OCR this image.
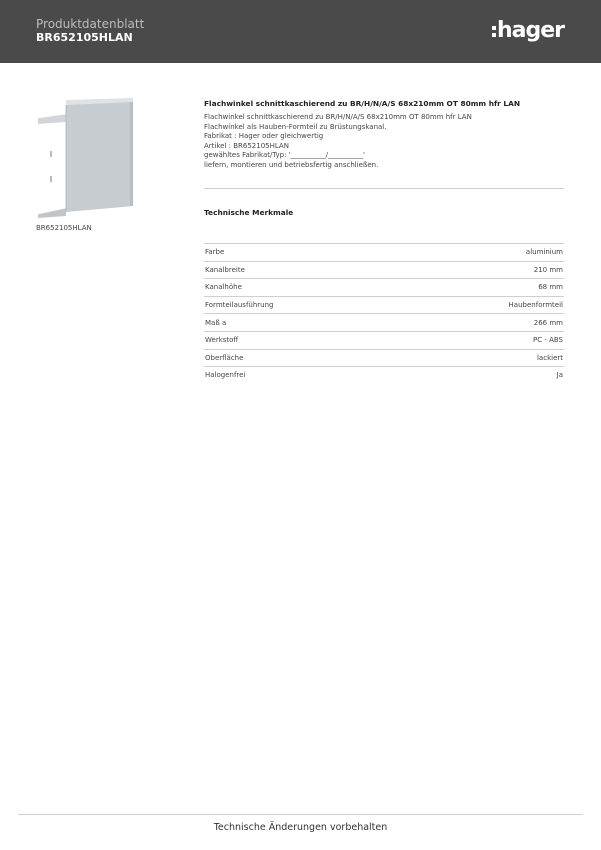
Produktdatenblatt
BR652105HLAN	hager
BR652105HLAN
Flachwinkel schnittkaschierend zu BR/H/N/A/S 68x210mm OT 80mm hfr LAN
Flachwinkel schnittkaschierend zu BR/H/N/A/S 68x210mm OT 80mm hfr LAN
Flachwinkel als Hauben-Formteil zu Brüstungskanal.
Fabrikat : Hager oder gleichwertig
Artikel : BR652105HLAN
gewähltes Fabrikat/Typ: '__________/__________'
liefern, montieren und betriebsfertig anschließen.
Technische Merkmale
Farbe	aluminium
Kanalbreite	210 mm
Kanalhöhe	68 mm
Formteilausführung	Haubenformteil
Maß a	266 mm
Werkstoff	PC - ABS
Oberfläche	lackiert
Halogenfrei	Ja
Technische Änderungen vorbehalten
